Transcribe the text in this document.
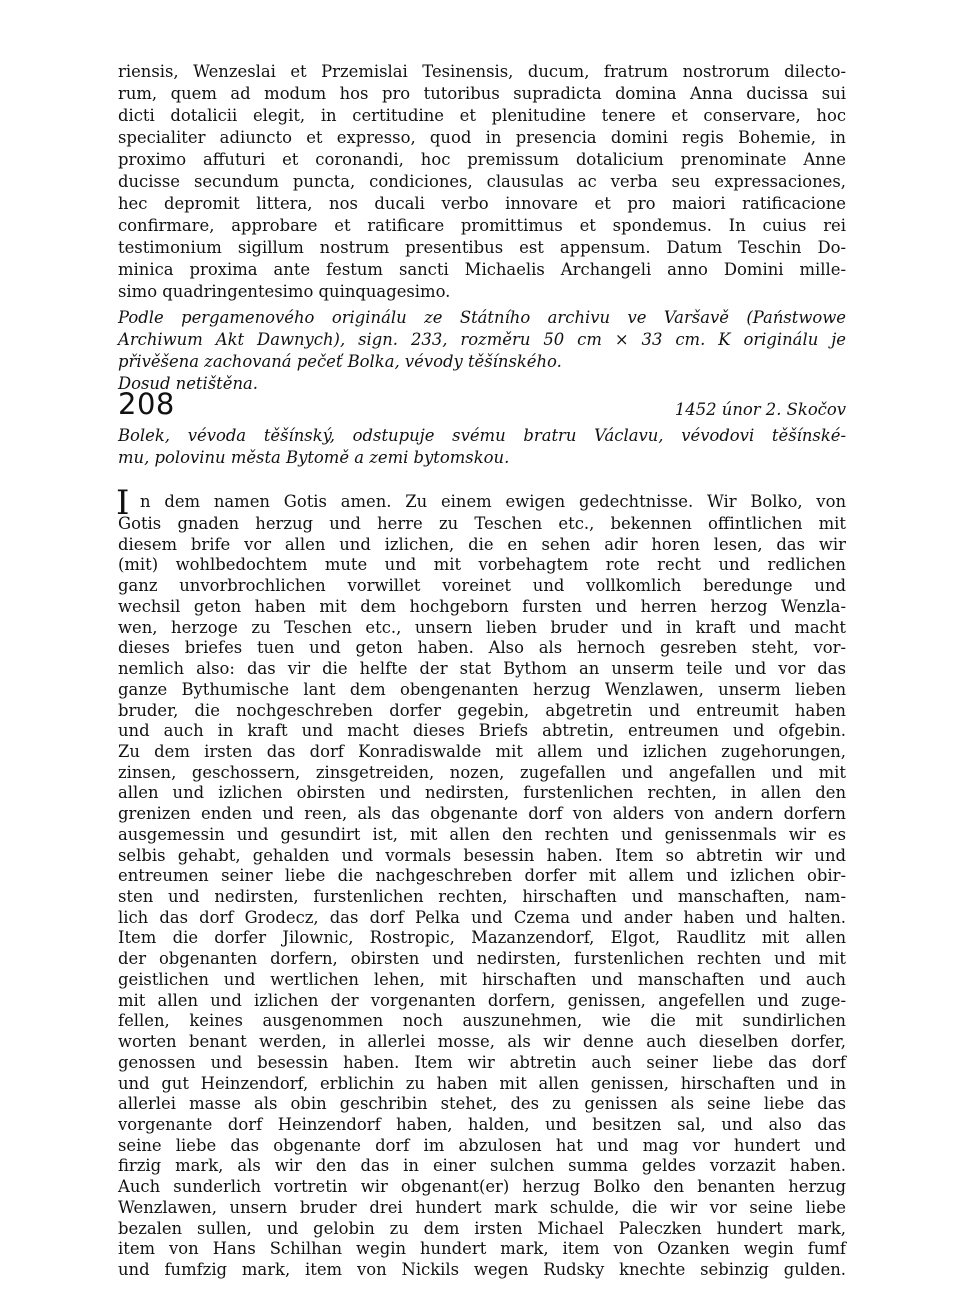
riensis, Wenzeslai et Przemislai Tesinensis, ducum, fratrum nostrorum dilecto-
rum, quem ad modum hos pro tutoribus supradicta domina Anna ducissa sui
dicti dotalicii elegit, in certitudine et plenitudine tenere et conservare, hoc
specialiter adiuncto et expresso, quod in presencia domini regis Bohemie, in
proximo affuturi et coronandi, hoc premissum dotalicium prenominate Anne
ducisse secundum puncta, condiciones, clausulas ac verba seu expressaciones,
hec depromit littera, nos ducali verbo innovare et pro maiori ratificacione
confirmare, approbare et ratificare promittimus et spondemus. In cuius rei
testimonium sigillum nostrum presentibus est appensum. Datum Teschin Do-
minica proxima ante festum sancti Michaelis Archangeli anno Domini mille-
simo quadringentesimo quinquagesimo.
Podle pergamenového originálu ze Státního archivu ve Varšavě (Państwowe
Archiwum Akt Dawnych), sign. 233, rozměru 50 cm × 33 cm. K originálu je
přivěšena zachovaná pečeť Bolka, vévody těšínského.
Dosud netištěna.
208	1452 únor 2. Skočov
Bolek, vévoda těšínský, odstupuje svému bratru Václavu, vévodovi těšínské-
mu, polovinu města Bytomě a zemi bytomskou.
I n dem namen Gotis amen. Zu einem ewigen gedechtnisse. Wir Bolko, von
Gotis gnaden herzug und herre zu Teschen etc., bekennen offintlichen mit
diesem brife vor allen und izlichen, die en sehen adir horen lesen, das wir
(mit) wohlbedochtem mute und mit vorbehagtem rote recht und redlichen
ganz unvorbrochlichen vorwillet voreinet und vollkomlich beredunge und
wechsil geton haben mit dem hochgeborn fursten und herren herzog Wenzla-
wen, herzoge zu Teschen etc., unsern lieben bruder und in kraft und macht
dieses briefes tuen und geton haben. Also als hernoch gesreben steht, vor-
nemlich also: das vir die helfte der stat Bythom an unserm teile und vor das
ganze Bythumische lant dem obengenanten herzug Wenzlawen, unserm lieben
bruder, die nochgeschreben dorfer gegebin, abgetretin und entreumit haben
und auch in kraft und macht dieses Briefs abtretin, entreumen und ofgebin.
Zu dem irsten das dorf Konradiswalde mit allem und izlichen zugehorungen,
zinsen, geschossern, zinsgetreiden, nozen, zugefallen und angefallen und mit
allen und izlichen obirsten und nedirsten, furstenlichen rechten, in allen den
grenizen enden und reen, als das obgenante dorf von alders von andern dorfern
ausgemessin und gesundirt ist, mit allen den rechten und genissenmals wir es
selbis gehabt, gehalden und vormals besessin haben. Item so abtretin wir und
entreumen seiner liebe die nachgeschreben dorfer mit allem und izlichen obir-
sten und nedirsten, furstenlichen rechten, hirschaften und manschaften, nam-
lich das dorf Grodecz, das dorf Pelka und Czema und ander haben und halten.
Item die dorfer Jilownic, Rostropic, Mazanzendorf, Elgot, Raudlitz mit allen
der obgenanten dorfern, obirsten und nedirsten, furstenlichen rechten und mit
geistlichen und wertlichen lehen, mit hirschaften und manschaften und auch
mit allen und izlichen der vorgenanten dorfern, genissen, angefellen und zuge-
fellen, keines ausgenommen noch auszunehmen, wie die mit sundirlichen
worten benant werden, in allerlei mosse, als wir denne auch dieselben dorfer,
genossen und besessin haben. Item wir abtretin auch seiner liebe das dorf
und gut Heinzendorf, erblichin zu haben mit allen genissen, hirschaften und in
allerlei masse als obin geschribin stehet, des zu genissen als seine liebe das
vorgenante dorf Heinzendorf haben, halden, und besitzen sal, und also das
seine liebe das obgenante dorf im abzulosen hat und mag vor hundert und
firzig mark, als wir den das in einer sulchen summa geldes vorzazit haben.
Auch sunderlich vortretin wir obgenant(er) herzug Bolko den benanten herzug
Wenzlawen, unsern bruder drei hundert mark schulde, die wir vor seine liebe
bezalen sullen, und gelobin zu dem irsten Michael Paleczken hundert mark,
item von Hans Schilhan wegin hundert mark, item von Ozanken wegin fumf
und fumfzig mark, item von Nickils wegen Rudsky knechte sebinzig gulden.
